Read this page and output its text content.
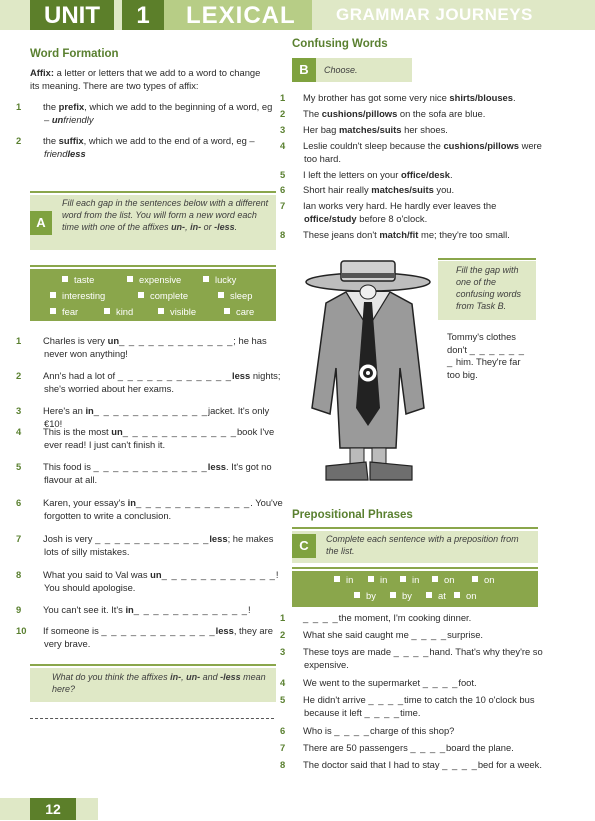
UNIT	1	LEXICAL	GRAMMAR JOURNEYS
Word Formation

Affix: a letter or letters that we add to a word to change its meaning. There are two types of affix:

1 the prefix, which we add to the beginning of a word, eg – unfriendly

2 the suffix, which we add to the end of a word, eg – friendless

A

Fill each gap in the sentences below with a different word from the list. You will form a new word each time with one of the affixes un-, in- or -less.

taste	expensive	lucky
interesting	complete	sleep
fear	kind	visible	care

1 Charles is very un_ _ _ _ _ _ _ _ _ _ _ _; he has never won anything!

2 Ann's had a lot of _ _ _ _ _ _ _ _ _ _ _ _less nights; she's worried about her exams.

3 Here's an in_ _ _ _ _ _ _ _ _ _ _ _jacket. It's only €10!

4 This is the most un_ _ _ _ _ _ _ _ _ _ _ _book I've ever read! I just can't finish it.

5 This food is _ _ _ _ _ _ _ _ _ _ _ _less. It's got no flavour at all.

6 Karen, your essay's in_ _ _ _ _ _ _ _ _ _ _ _. You've forgotten to write a conclusion.

7 Josh is very _ _ _ _ _ _ _ _ _ _ _ _less; he makes lots of silly mistakes.

8 What you said to Val was un_ _ _ _ _ _ _ _ _ _ _ _! You should apologise.

9 You can't see it. It's in_ _ _ _ _ _ _ _ _ _ _ _!

10 If someone is _ _ _ _ _ _ _ _ _ _ _ _less, they are very brave.

What do you think the affixes in-, un- and -less mean here?

Confusing Words
B	Choose.

1 My brother has got some very nice shirts/blouses.

2 The cushions/pillows on the sofa are blue.

3 Her bag matches/suits her shoes.

4 Leslie couldn't sleep because the cushions/pillows were too hard.

5 I left the letters on your office/desk.

6 Short hair really matches/suits you.

7 Ian works very hard. He hardly ever leaves the office/study before 8 o'clock.

8 These jeans don't match/fit me; they're too small.

Fill the gap with one of the confusing words from Task B.

Tommy's clothes don't _ _ _ _ _ _ _ him. They're far too big.

Prepositional Phrases
C	Complete each sentence with a preposition from the list.

in	in	in	on	on
by	by	at	on

1 _ _ _ _the moment, I'm cooking dinner.

2 What she said caught me _ _ _ _surprise.

3 These toys are made _ _ _ _hand. That's why they're so expensive.

4 We went to the supermarket _ _ _ _foot.

5 He didn't arrive _ _ _ _time to catch the 10 o'clock bus because it left _ _ _ _time.

6 Who is _ _ _ _charge of this shop?

7 There are 50 passengers _ _ _ _board the plane.

8 The doctor said that I had to stay _ _ _ _bed for a week.

12
